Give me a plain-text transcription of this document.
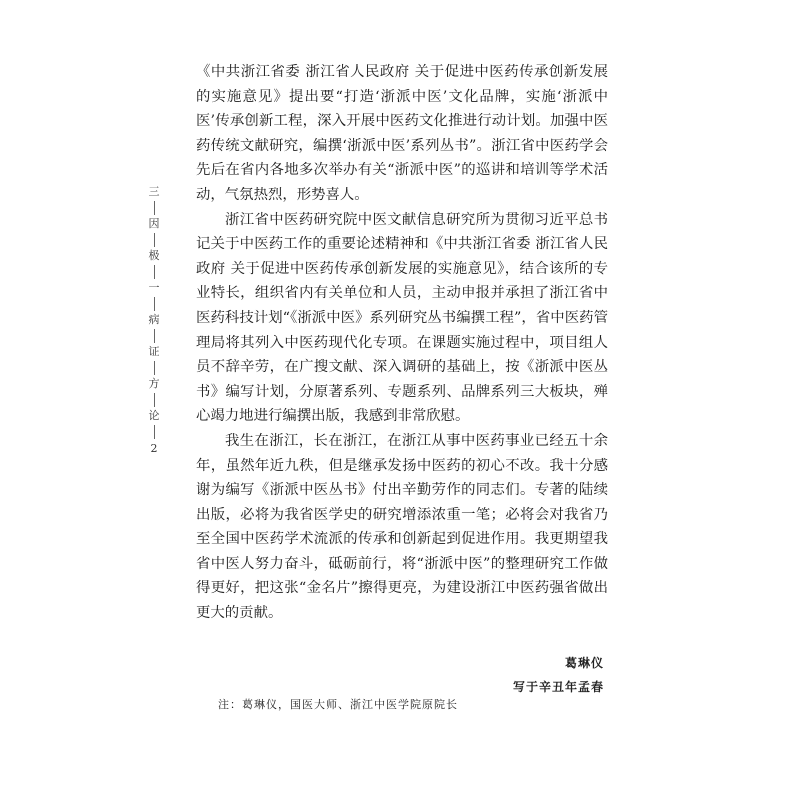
三
因
极
一
病
证
方
论
2

《中共浙江省委 浙江省人民政府 关于促进中医药传承创新发展的实施意见》提出要“打造‘浙派中医’文化品牌，实施‘浙派中医’传承创新工程，深入开展中医药文化推进行动计划。加强中医药传统文献研究，编撰‘浙派中医’系列丛书”。浙江省中医药学会先后在省内各地多次举办有关“浙派中医”的巡讲和培训等学术活动，气氛热烈，形势喜人。

浙江省中医药研究院中医文献信息研究所为贯彻习近平总书记关于中医药工作的重要论述精神和《中共浙江省委 浙江省人民政府 关于促进中医药传承创新发展的实施意见》，结合该所的专业特长，组织省内有关单位和人员，主动申报并承担了浙江省中医药科技计划“《浙派中医》系列研究丛书编撰工程”，省中医药管理局将其列入中医药现代化专项。在课题实施过程中，项目组人员不辞辛劳，在广搜文献、深入调研的基础上，按《浙派中医丛书》编写计划，分原著系列、专题系列、品牌系列三大板块，殚心竭力地进行编撰出版，我感到非常欣慰。

我生在浙江，长在浙江，在浙江从事中医药事业已经五十余年，虽然年近九秩，但是继承发扬中医药的初心不改。我十分感谢为编写《浙派中医丛书》付出辛勤劳作的同志们。专著的陆续出版，必将为我省医学史的研究增添浓重一笔；必将会对我省乃至全国中医药学术流派的传承和创新起到促进作用。我更期望我省中医人努力奋斗，砥砺前行，将“浙派中医”的整理研究工作做得更好，把这张“金名片”擦得更亮，为建设浙江中医药强省做出更大的贡献。

葛琳仪
写于辛丑年孟春
注：葛琳仪，国医大师、浙江中医学院原院长
